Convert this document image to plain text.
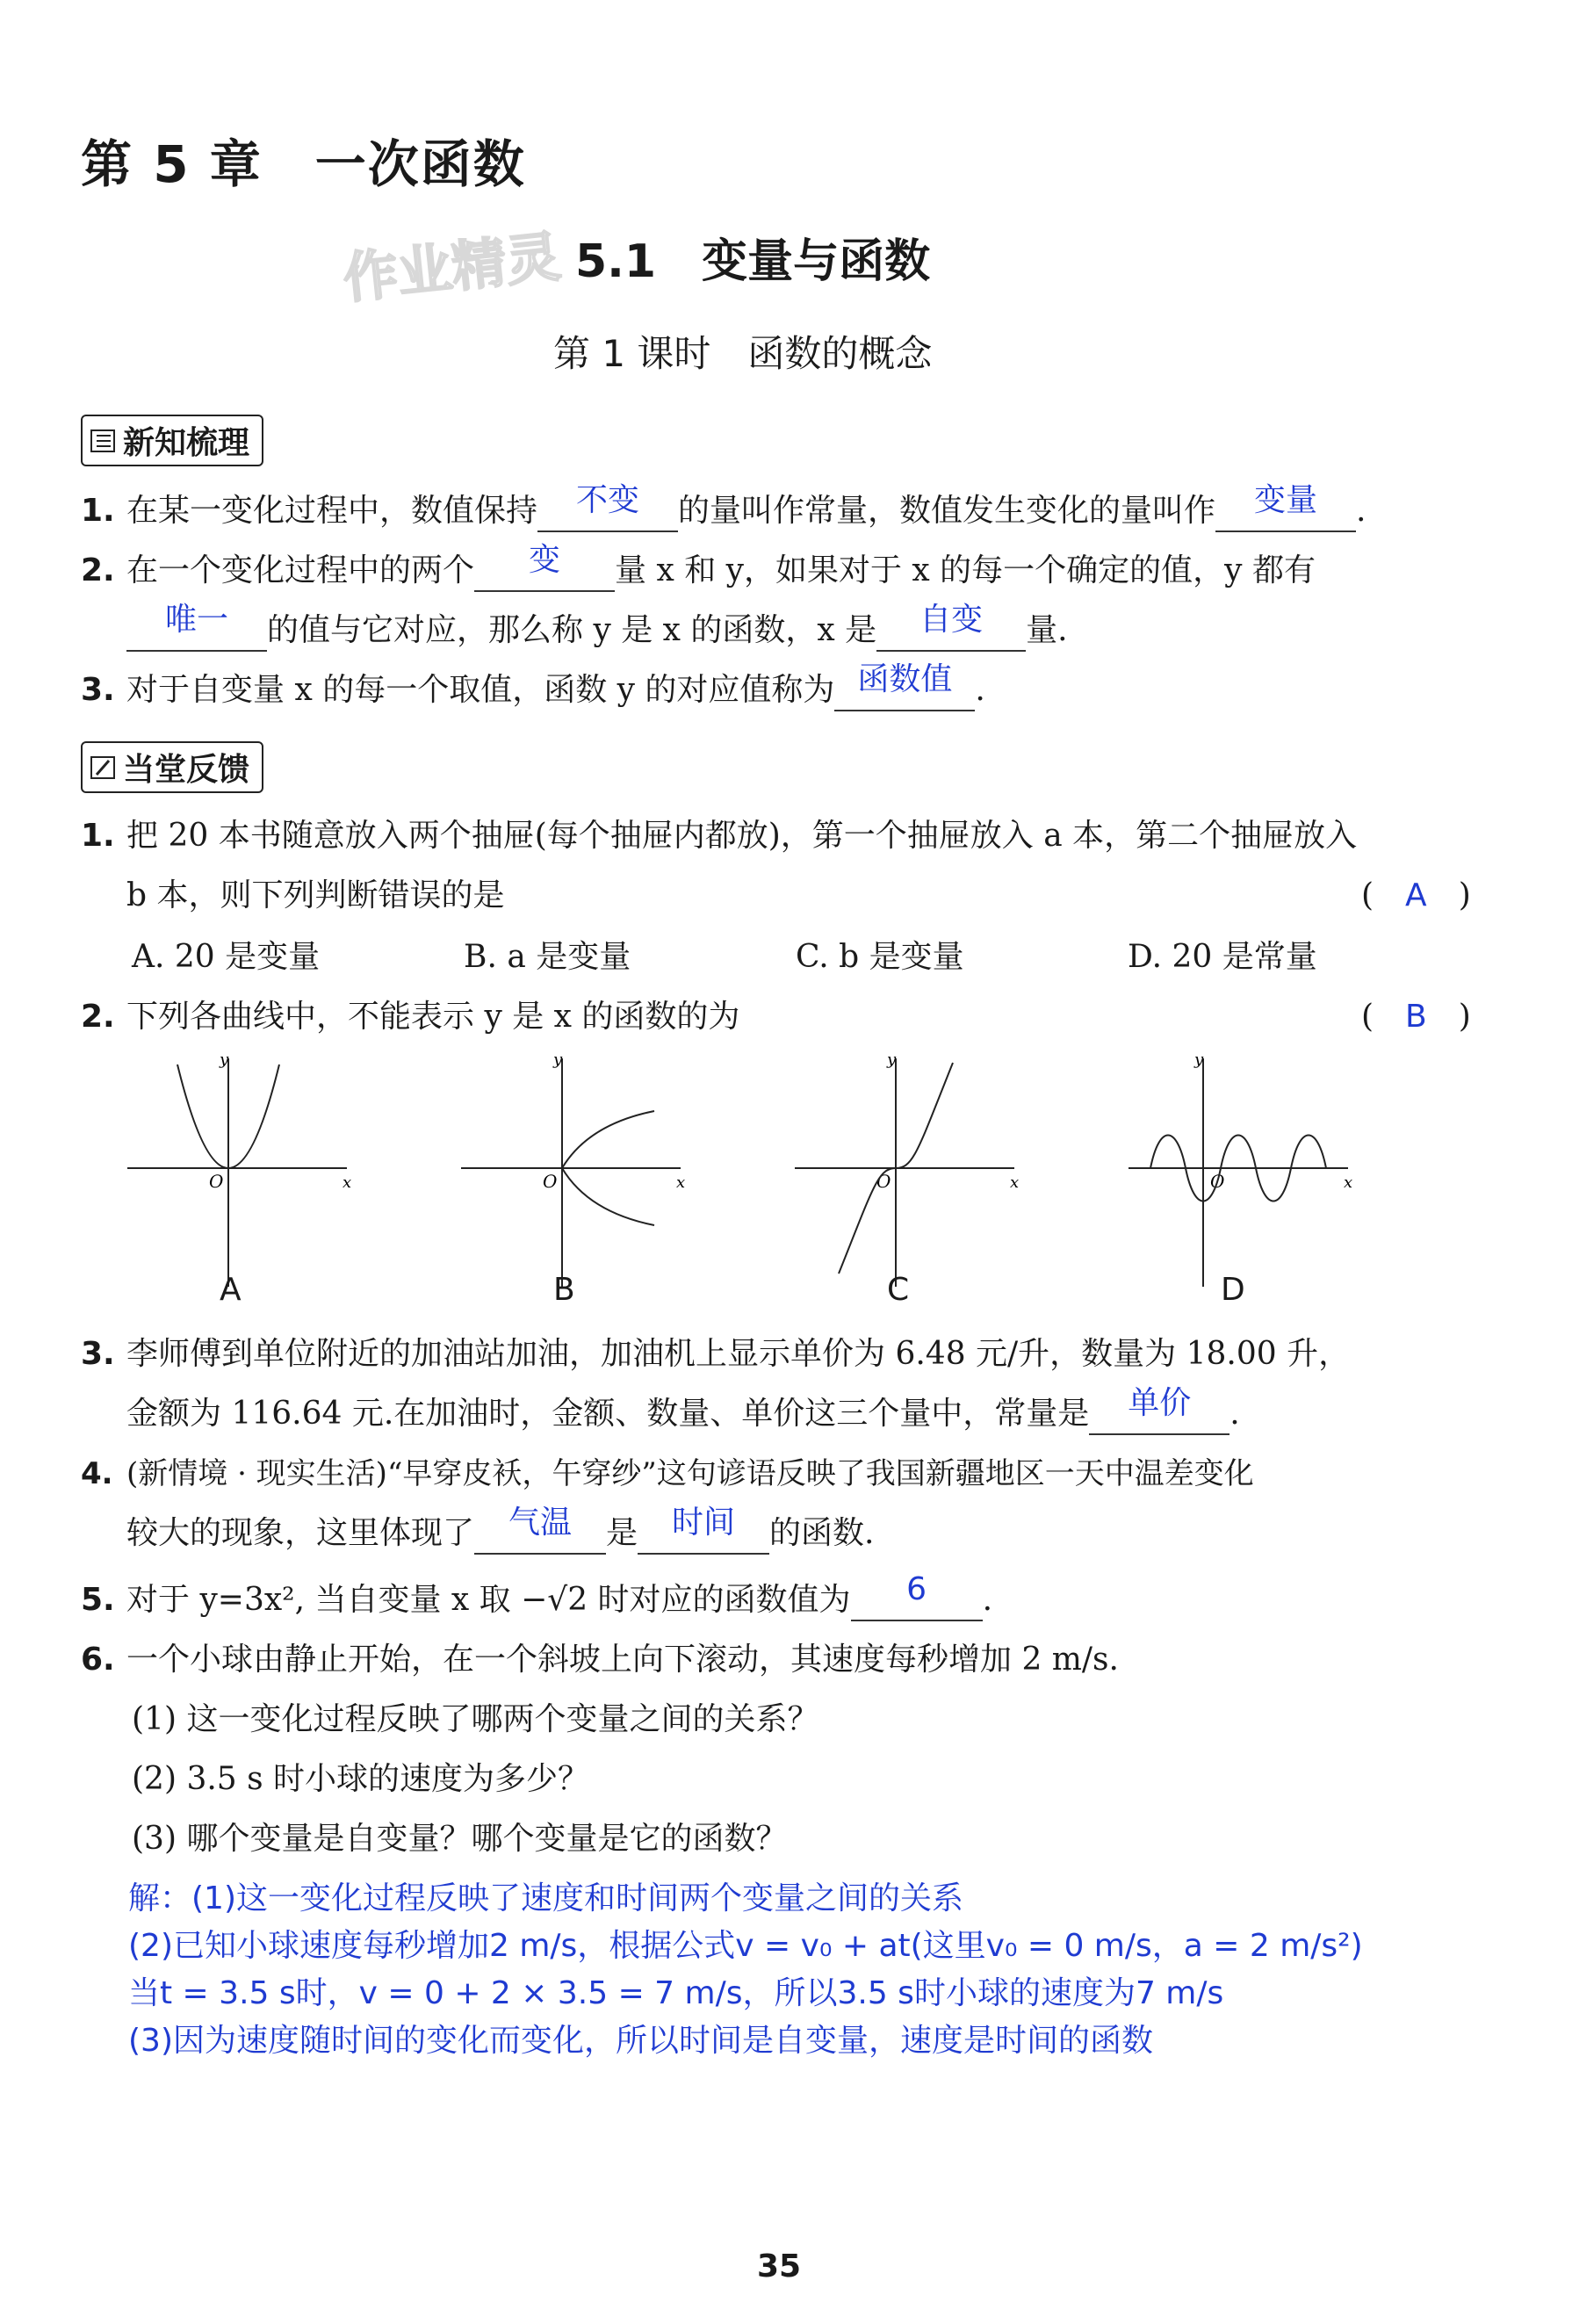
第 5 章　一次函数
作业精灵 5.1　变量与函数
第 1 课时　函数的概念
新知梳理
1. 在某一变化过程中，数值保持	不变	的量叫作常量，数值发生变化的量叫作	变量	.
2. 在一个变化过程中的两个	变	量 x 和 y，如果对于 x 的每一个确定的值，y 都有
唯一	的值与它对应，那么称 y 是 x 的函数，x 是	自变	量.
3. 对于自变量 x 的每一个取值，函数 y 的对应值称为 函数值 .
当堂反馈
1. 把 20 本书随意放入两个抽屉(每个抽屉内都放)，第一个抽屉放入 a 本，第二个抽屉放入
b 本，则下列判断错误的是	(　A　)
A. 20 是变量	B. a 是变量	C. b 是变量	D. 20 是常量
2. 下列各曲线中，不能表示 y 是 x 的函数的为	(　B　)
y
x
O
y
x
O
y
x
O
y
x
O
A	B	C	D
3. 李师傅到单位附近的加油站加油，加油机上显示单价为 6.48 元/升，数量为 18.00 升，
金额为 116.64 元.在加油时，金额、数量、单价这三个量中，常量是	单价	.
4. (新情境 · 现实生活)“早穿皮袄，午穿纱”这句谚语反映了我国新疆地区一天中温差变化
较大的现象，这里体现了	气温	是	时间	的函数.
5. 对于 y=3x², 当自变量 x 取 −√2 时对应的函数值为	6	.
6. 一个小球由静止开始，在一个斜坡上向下滚动，其速度每秒增加 2 m/s.
(1) 这一变化过程反映了哪两个变量之间的关系？
(2) 3.5 s 时小球的速度为多少？
(3) 哪个变量是自变量？哪个变量是它的函数？
解：(1)这一变化过程反映了速度和时间两个变量之间的关系
(2)已知小球速度每秒增加2 m/s，根据公式v = v₀ + at(这里v₀ = 0 m/s，a = 2 m/s²)
当t = 3.5 s时，v = 0 + 2 × 3.5 = 7 m/s，所以3.5 s时小球的速度为7 m/s
(3)因为速度随时间的变化而变化，所以时间是自变量，速度是时间的函数
35
